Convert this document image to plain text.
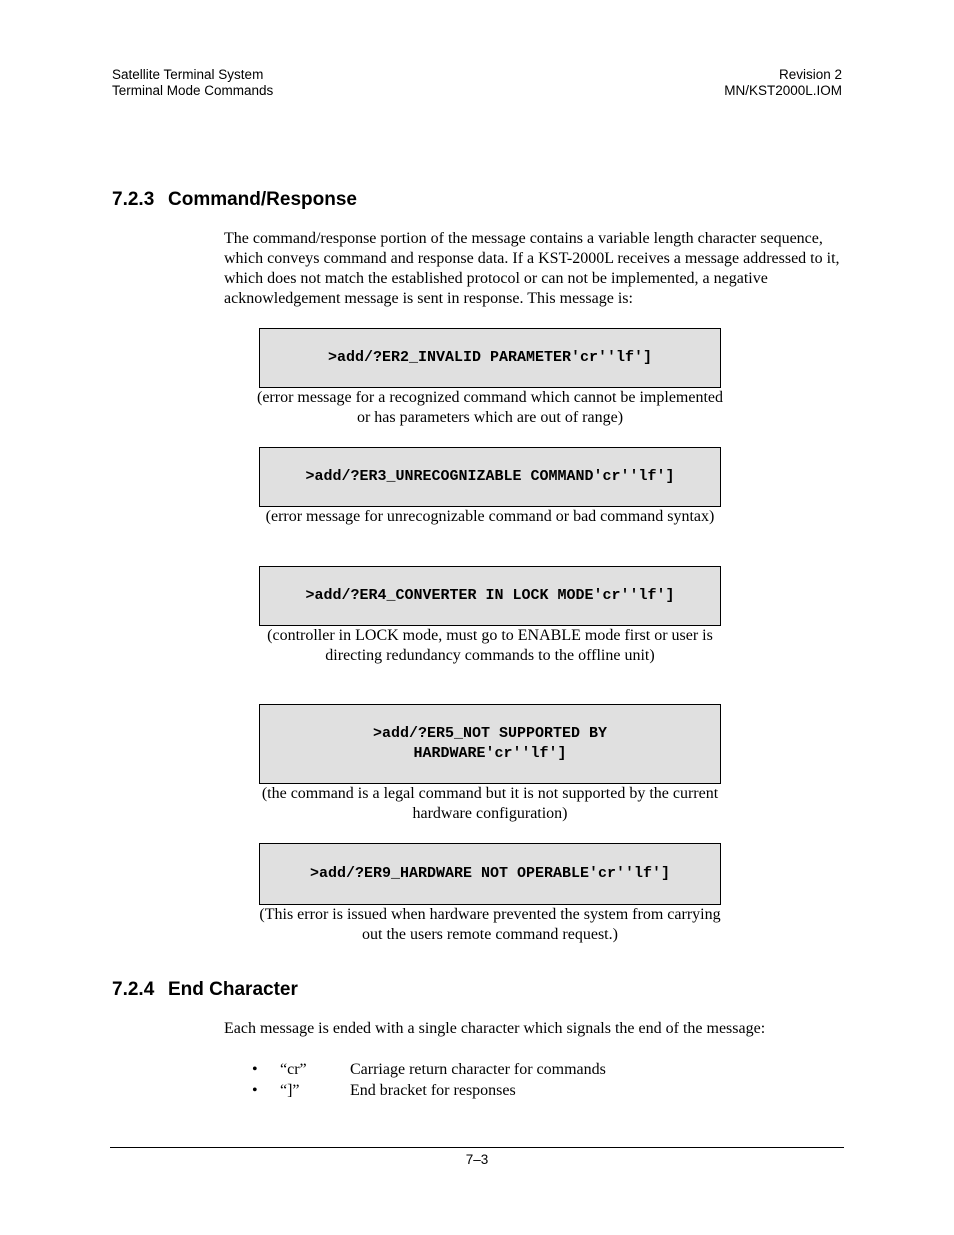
Satellite Terminal System
Terminal Mode Commands
Revision 2
MN/KST2000L.IOM
7.2.3 Command/Response

The command/response portion of the message contains a variable length character sequence, which conveys command and response data. If a KST-2000L receives a message addressed to it, which does not match the established protocol or can not be implemented, a negative acknowledgement message is sent in response. This message is:

>add/?ER2_INVALID PARAMETER'cr''lf']

(error message for a recognized command which cannot be implemented or has parameters which are out of range)

>add/?ER3_UNRECOGNIZABLE COMMAND'cr''lf']

(error message for unrecognizable command or bad command syntax)

>add/?ER4_CONVERTER IN LOCK MODE'cr''lf']

(controller in LOCK mode, must go to ENABLE mode first or user is directing redundancy commands to the offline unit)

>add/?ER5_NOT SUPPORTED BY HARDWARE'cr''lf']

(the command is a legal command but it is not supported by the current hardware configuration)

>add/?ER9_HARDWARE NOT OPERABLE'cr''lf']

(This error is issued when hardware prevented the system from carrying out the users remote command request.)

7.2.4 End Character

Each message is ended with a single character which signals the end of the message:

•	“cr”	Carriage return character for commands
•	“]”	End bracket for responses
7–3
